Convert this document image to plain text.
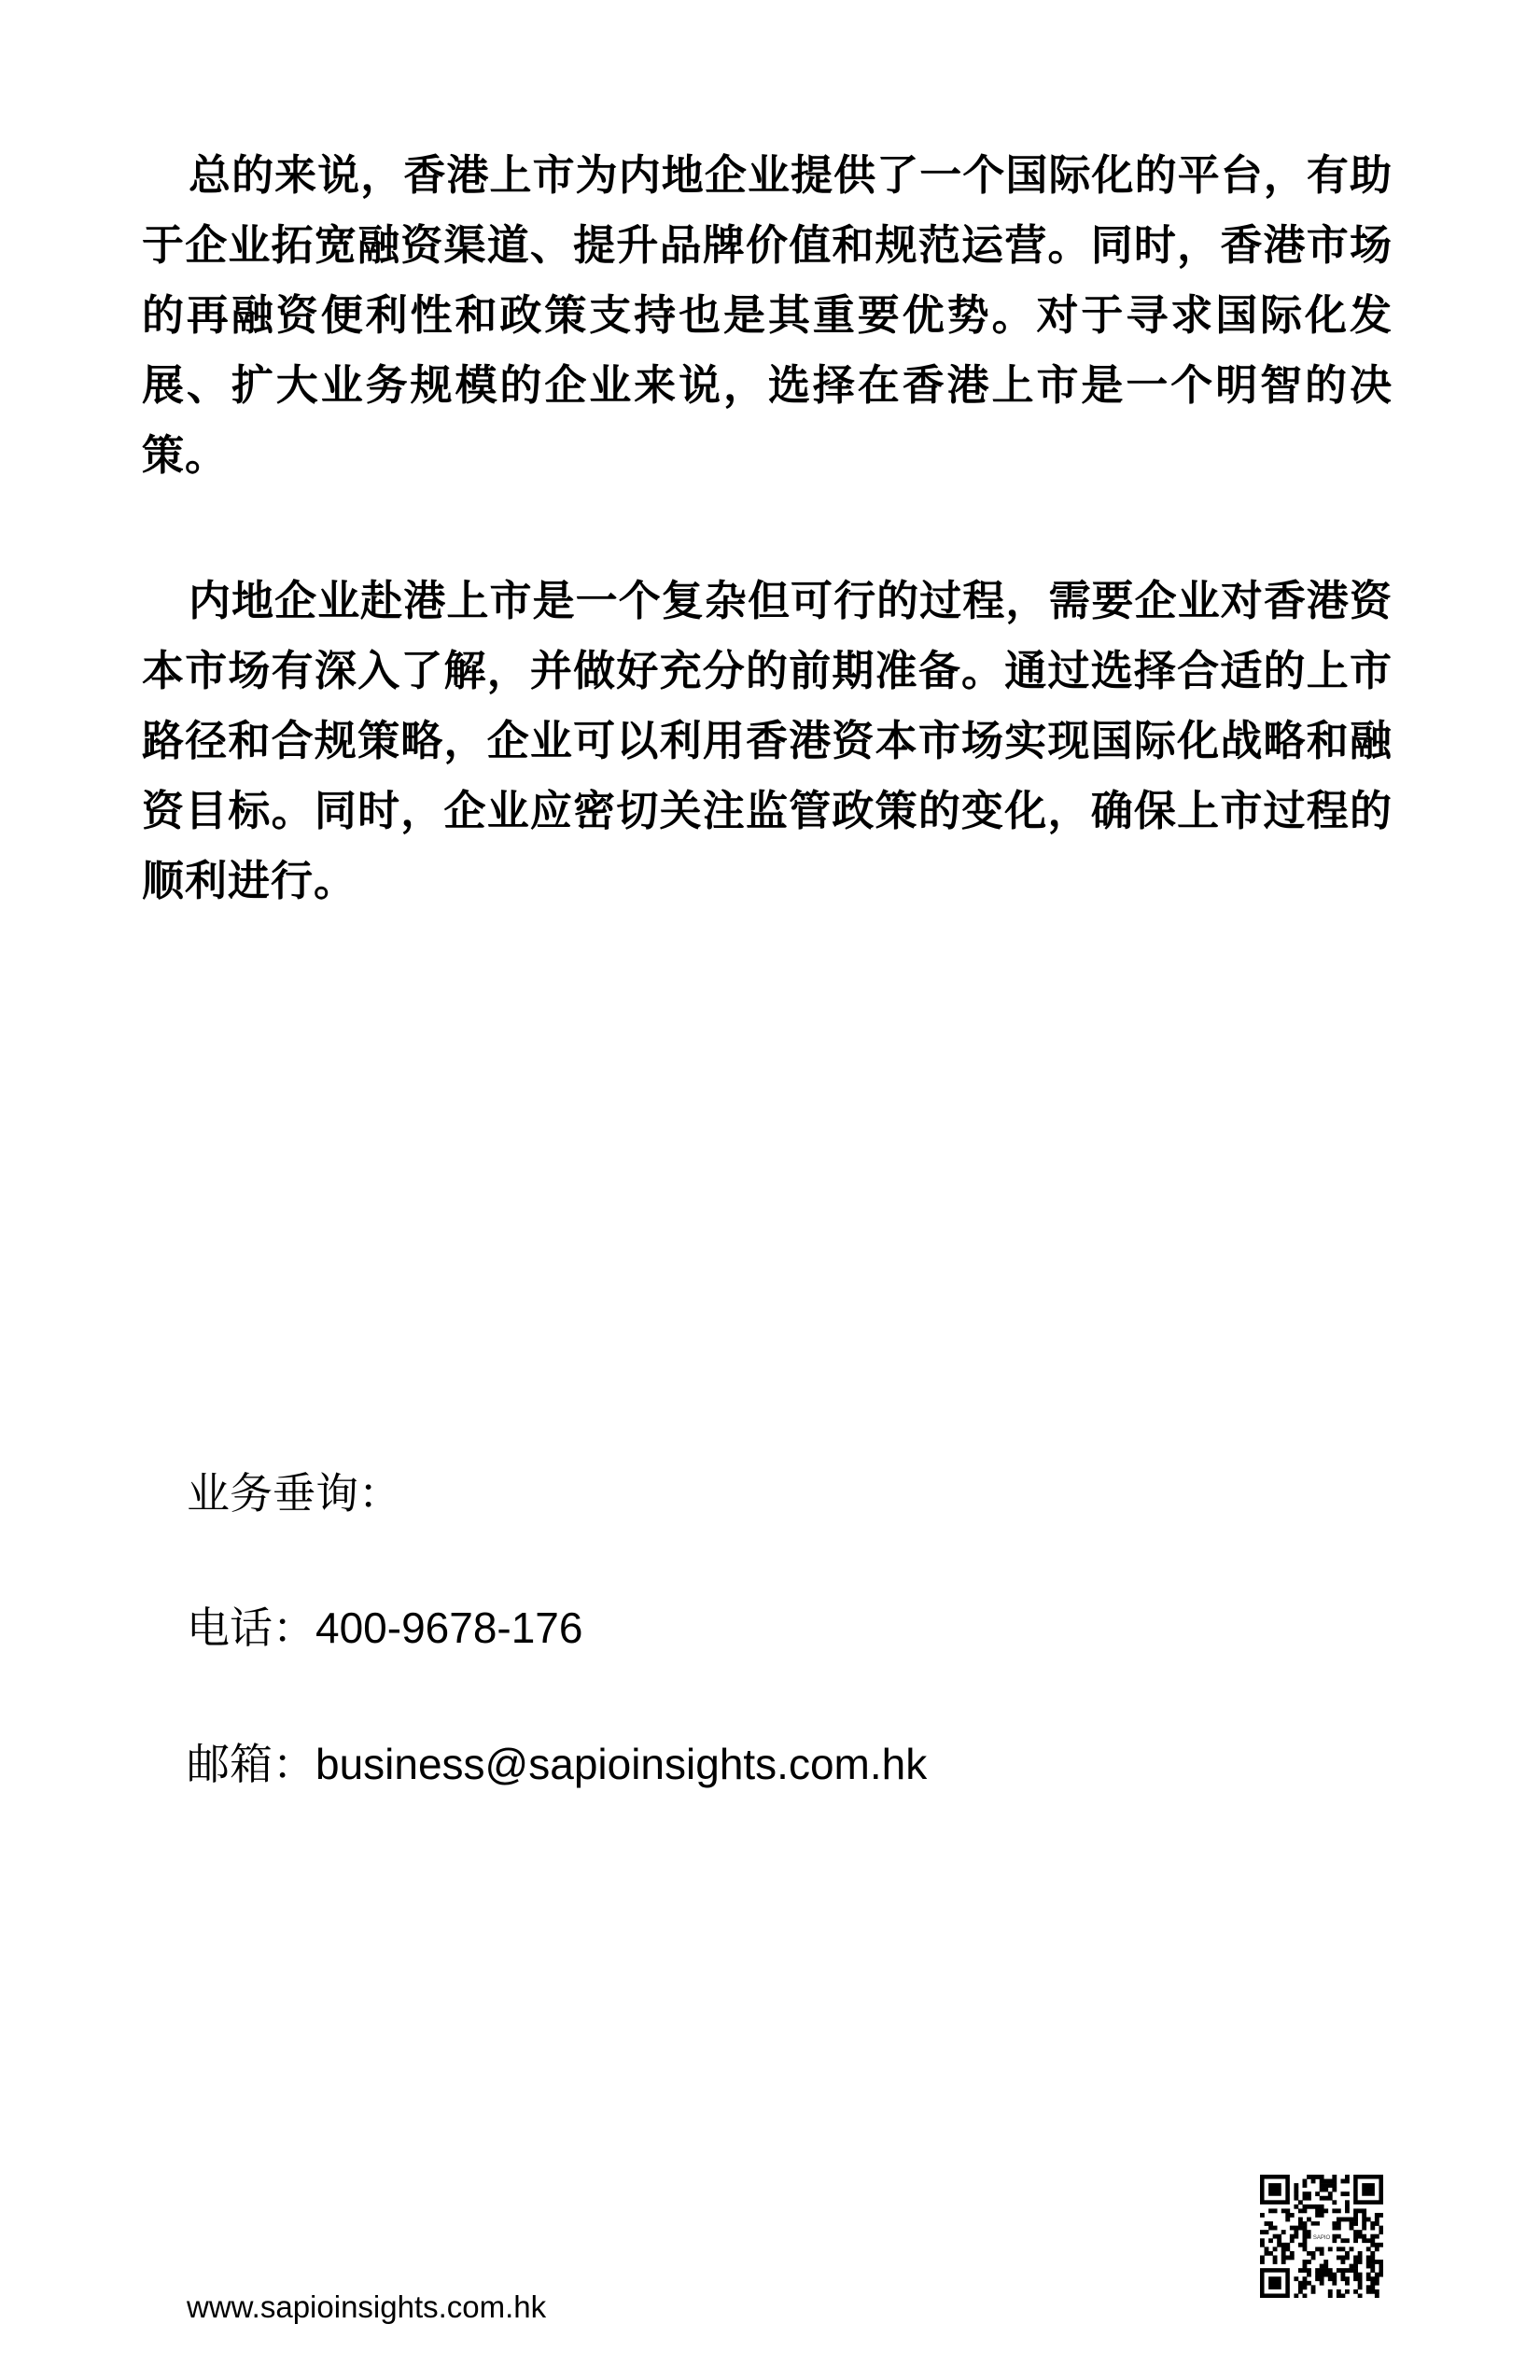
总的来说，香港上市为内地企业提供了一个国际化的平台，有助于企业拓宽融资渠道、提升品牌价值和规范运营。同时，香港市场的再融资便利性和政策支持也是其重要优势。对于寻求国际化发展、扩大业务规模的企业来说，选择在香港上市是一个明智的决策。

内地企业赴港上市是一个复杂但可行的过程，需要企业对香港资本市场有深入了解，并做好充分的前期准备。通过选择合适的上市路径和合规策略，企业可以利用香港资本市场实现国际化战略和融资目标。同时，企业应密切关注监管政策的变化，确保上市过程的顺利进行。

业务垂询：
电话：400-9678-176
邮箱：business@sapioinsights.com.hk
SAPIO
www.sapioinsights.com.hk
